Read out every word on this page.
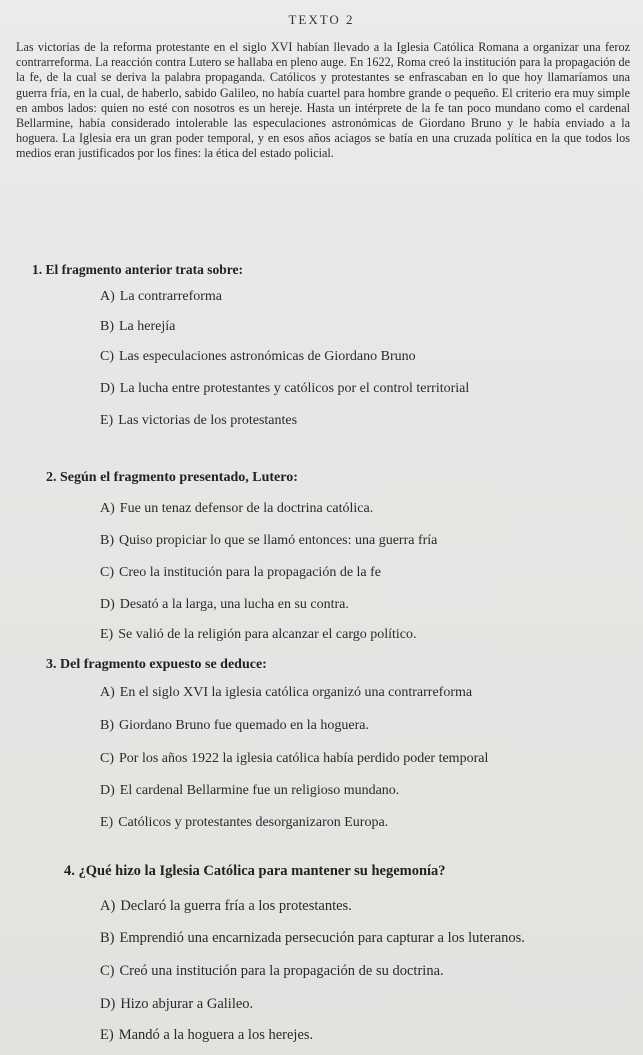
TEXTO 2

Las victorias de la reforma protestante en el siglo XVI habían llevado a la Iglesia Católica Romana a organizar una feroz contrarreforma. La reacción contra Lutero se hallaba en pleno auge. En 1622, Roma creó la institución para la propagación de la fe, de la cual se deriva la palabra propaganda. Católicos y protestantes se enfrascaban en lo que hoy llamaríamos una guerra fría, en la cual, de haberlo, sabido Galileo, no había cuartel para hombre grande o pequeño. El criterio era muy simple en ambos lados: quien no esté con nosotros es un hereje. Hasta un intérprete de la fe tan poco mundano como el cardenal Bellarmine, había considerado intolerable las especulaciones astronómicas de Giordano Bruno y le había enviado a la hoguera. La Iglesia era un gran poder temporal, y en esos años aciagos se batía en una cruzada política en la que todos los medios eran justificados por los fines: la ética del estado policial.

1. El fragmento anterior trata sobre:
A) La contrarreforma
B) La herejía
C) Las especulaciones astronómicas de Giordano Bruno
D) La lucha entre protestantes y católicos por el control territorial
E) Las victorias de los protestantes
2. Según el fragmento presentado, Lutero:
A) Fue un tenaz defensor de la doctrina católica.
B) Quiso propiciar lo que se llamó entonces: una guerra fría
C) Creo la institución para la propagación de la fe
D) Desató a la larga, una lucha en su contra.
E) Se valió de la religión para alcanzar el cargo político.
3. Del fragmento expuesto se deduce:
A) En el siglo XVI la iglesia católica organizó una contrarreforma
B) Giordano Bruno fue quemado en la hoguera.
C) Por los años 1922 la iglesia católica había perdido poder temporal
D) El cardenal Bellarmine fue un religioso mundano.
E) Católicos y protestantes desorganizaron Europa.
4. ¿Qué hizo la Iglesia Católica para mantener su hegemonía?
A) Declaró la guerra fría a los protestantes.
B) Emprendió una encarnizada persecución para capturar a los luteranos.
C) Creó una institución para la propagación de su doctrina.
D) Hizo abjurar a Galileo.
E) Mandó a la hoguera a los herejes.
